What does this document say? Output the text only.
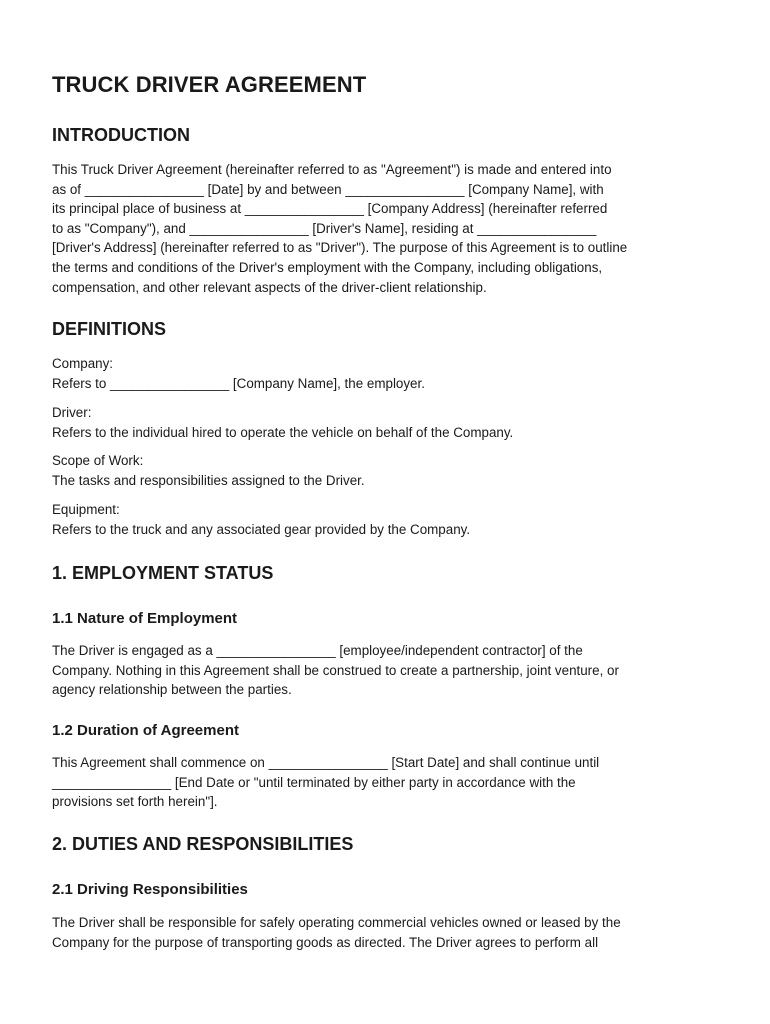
TRUCK DRIVER AGREEMENT
INTRODUCTION
This Truck Driver Agreement (hereinafter referred to as "Agreement") is made and entered into
as of ________________ [Date] by and between ________________ [Company Name], with
its principal place of business at ________________ [Company Address] (hereinafter referred
to as "Company"), and ________________ [Driver's Name], residing at ________________
[Driver's Address] (hereinafter referred to as "Driver"). The purpose of this Agreement is to outline
the terms and conditions of the Driver's employment with the Company, including obligations,
compensation, and other relevant aspects of the driver-client relationship.
DEFINITIONS
Company:
Refers to ________________ [Company Name], the employer.
Driver:
Refers to the individual hired to operate the vehicle on behalf of the Company.
Scope of Work:
The tasks and responsibilities assigned to the Driver.
Equipment:
Refers to the truck and any associated gear provided by the Company.
1. EMPLOYMENT STATUS
1.1 Nature of Employment
The Driver is engaged as a ________________ [employee/independent contractor] of the
Company. Nothing in this Agreement shall be construed to create a partnership, joint venture, or
agency relationship between the parties.
1.2 Duration of Agreement
This Agreement shall commence on ________________ [Start Date] and shall continue until
________________ [End Date or "until terminated by either party in accordance with the
provisions set forth herein"].
2. DUTIES AND RESPONSIBILITIES
2.1 Driving Responsibilities
The Driver shall be responsible for safely operating commercial vehicles owned or leased by the
Company for the purpose of transporting goods as directed. The Driver agrees to perform all
